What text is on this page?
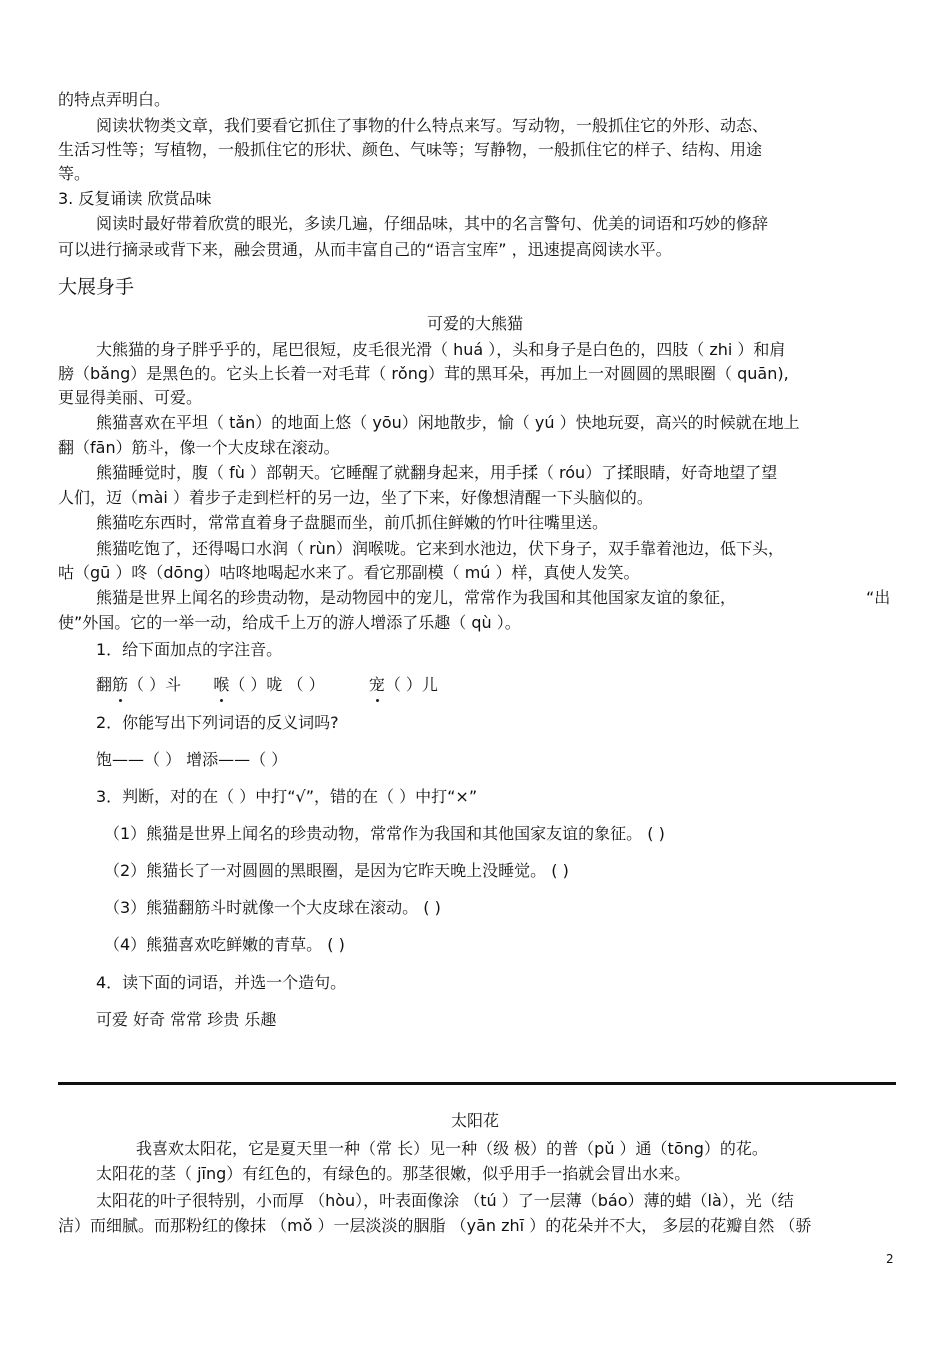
的特点弄明白。
阅读状物类文章，我们要看它抓住了事物的什么特点来写。写动物，一般抓住它的外形、动态、
生活习性等；写植物，一般抓住它的形状、颜色、气味等；写静物，一般抓住它的样子、结构、用途
等。
3. 反复诵读 欣赏品味
阅读时最好带着欣赏的眼光，多读几遍，仔细品味，其中的名言警句、优美的词语和巧妙的修辞
可以进行摘录或背下来，融会贯通，从而丰富自己的“语言宝库” ，迅速提高阅读水平。
大展身手
可爱的大熊猫
大熊猫的身子胖乎乎的，尾巴很短，皮毛很光滑（ huá ），头和身子是白色的，四肢（ zhi ）和肩
膀（bǎng）是黑色的。它头上长着一对毛茸（ rǒng）茸的黑耳朵，再加上一对圆圆的黑眼圈（ quān),
更显得美丽、可爱。
熊猫喜欢在平坦（ tǎn）的地面上悠（ yōu）闲地散步，愉（ yú ）快地玩耍，高兴的时候就在地上
翻（fān）筋斗，像一个大皮球在滚动。
熊猫睡觉时，腹（ fù ）部朝天。它睡醒了就翻身起来，用手揉（ róu）了揉眼睛，好奇地望了望
人们，迈（mài ）着步子走到栏杆的另一边，坐了下来，好像想清醒一下头脑似的。
熊猫吃东西时，常常直着身子盘腿而坐，前爪抓住鲜嫩的竹叶往嘴里送。
熊猫吃饱了，还得喝口水润（ rùn）润喉咙。它来到水池边，伏下身子，双手靠着池边，低下头，
咕（gū ）咚（dōng）咕咚地喝起水来了。看它那副模（ mú ）样，真使人发笑。
熊猫是世界上闻名的珍贵动物，是动物园中的宠儿，常常作为我国和其他国家友谊的象征，	“出
使”外国。它的一举一动，给成千上万的游人增添了乐趣（ qù ）。
1．给下面加点的字注音。
翻筋（ ）斗 喉（ ）咙 （ ）	宠（ ）儿
2．你能写出下列词语的反义词吗?
饱——（ ） 增添——（ ）
3．判断，对的在（ ）中打“√”，错的在（ ）中打“×”
（1）熊猫是世界上闻名的珍贵动物，常常作为我国和其他国家友谊的象征。 ( )
（2）熊猫长了一对圆圆的黑眼圈，是因为它昨天晚上没睡觉。 ( )
（3）熊猫翻筋斗时就像一个大皮球在滚动。 ( )
（4）熊猫喜欢吃鲜嫩的青草。 ( )
4．读下面的词语，并选一个造句。
可爱 好奇 常常 珍贵 乐趣
太阳花
我喜欢太阳花，它是夏天里一种（常 长）见一种（级 极）的普（pǔ ）通（tōng）的花。
太阳花的茎（ jīng）有红色的，有绿色的。那茎很嫩，似乎用手一掐就会冒出水来。
太阳花的叶子很特别，小而厚 （hòu），叶表面像涂 （tú ）了一层薄（báo）薄的蜡（là），光（结
洁）而细腻。而那粉红的像抹 （mǒ ）一层淡淡的胭脂 （yān zhī ）的花朵并不大， 多层的花瓣自然 （骄
2
